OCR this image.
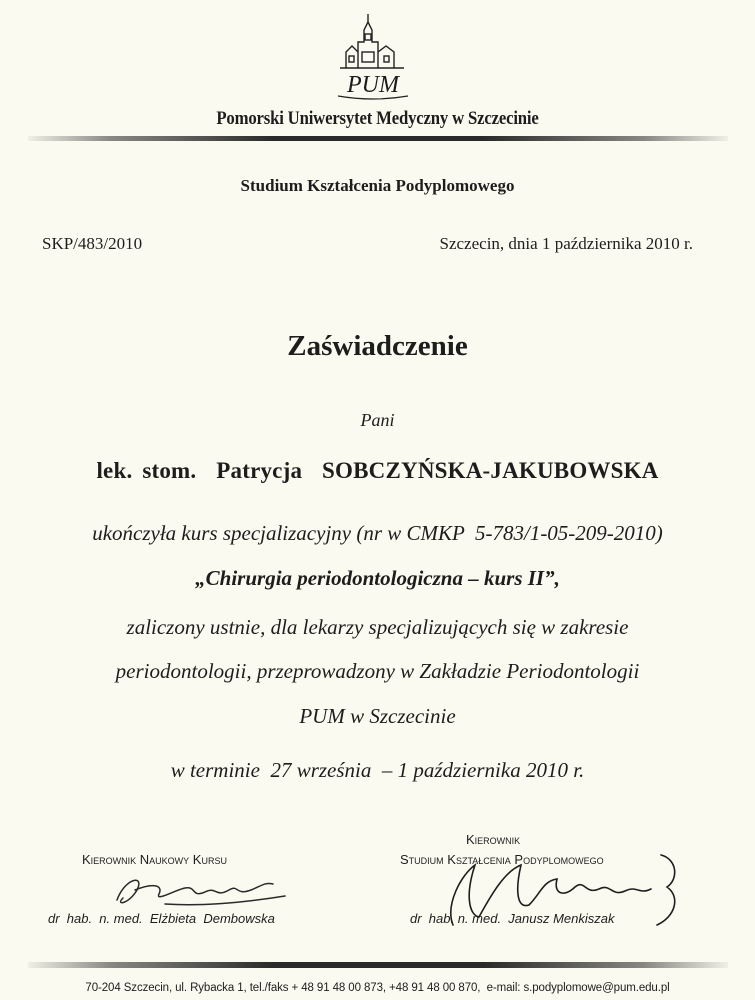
PUM
Pomorski Uniwersytet Medyczny w Szczecinie
Studium Kształcenia Podyplomowego
SKP/483/2010	Szczecin, dnia 1 października 2010 r.
Zaświadczenie
Pani
lek. stom.  Patrycja  SOBCZYŃSKA-JAKUBOWSKA
ukończyła kurs specjalizacyjny (nr w CMKP  5-783/1-05-209-2010)
„Chirurgia periodontologiczna – kurs II”,
zaliczony ustnie, dla lekarzy specjalizujących się w zakresie
periodontologii, przeprowadzony w Zakładzie Periodontologii
PUM w Szczecinie
w terminie  27 września  – 1 października 2010 r.
Kierownik Naukowy Kursu
Kierownik
Studium Kształcenia Podyplomowego
dr  hab.  n. med.  Elżbieta  Dembowska	dr  hab. n. med.  Janusz Menkiszak
70-204 Szczecin, ul. Rybacka 1, tel./faks + 48 91 48 00 873, +48 91 48 00 870,  e-mail: s.podyplomowe@pum.edu.pl
